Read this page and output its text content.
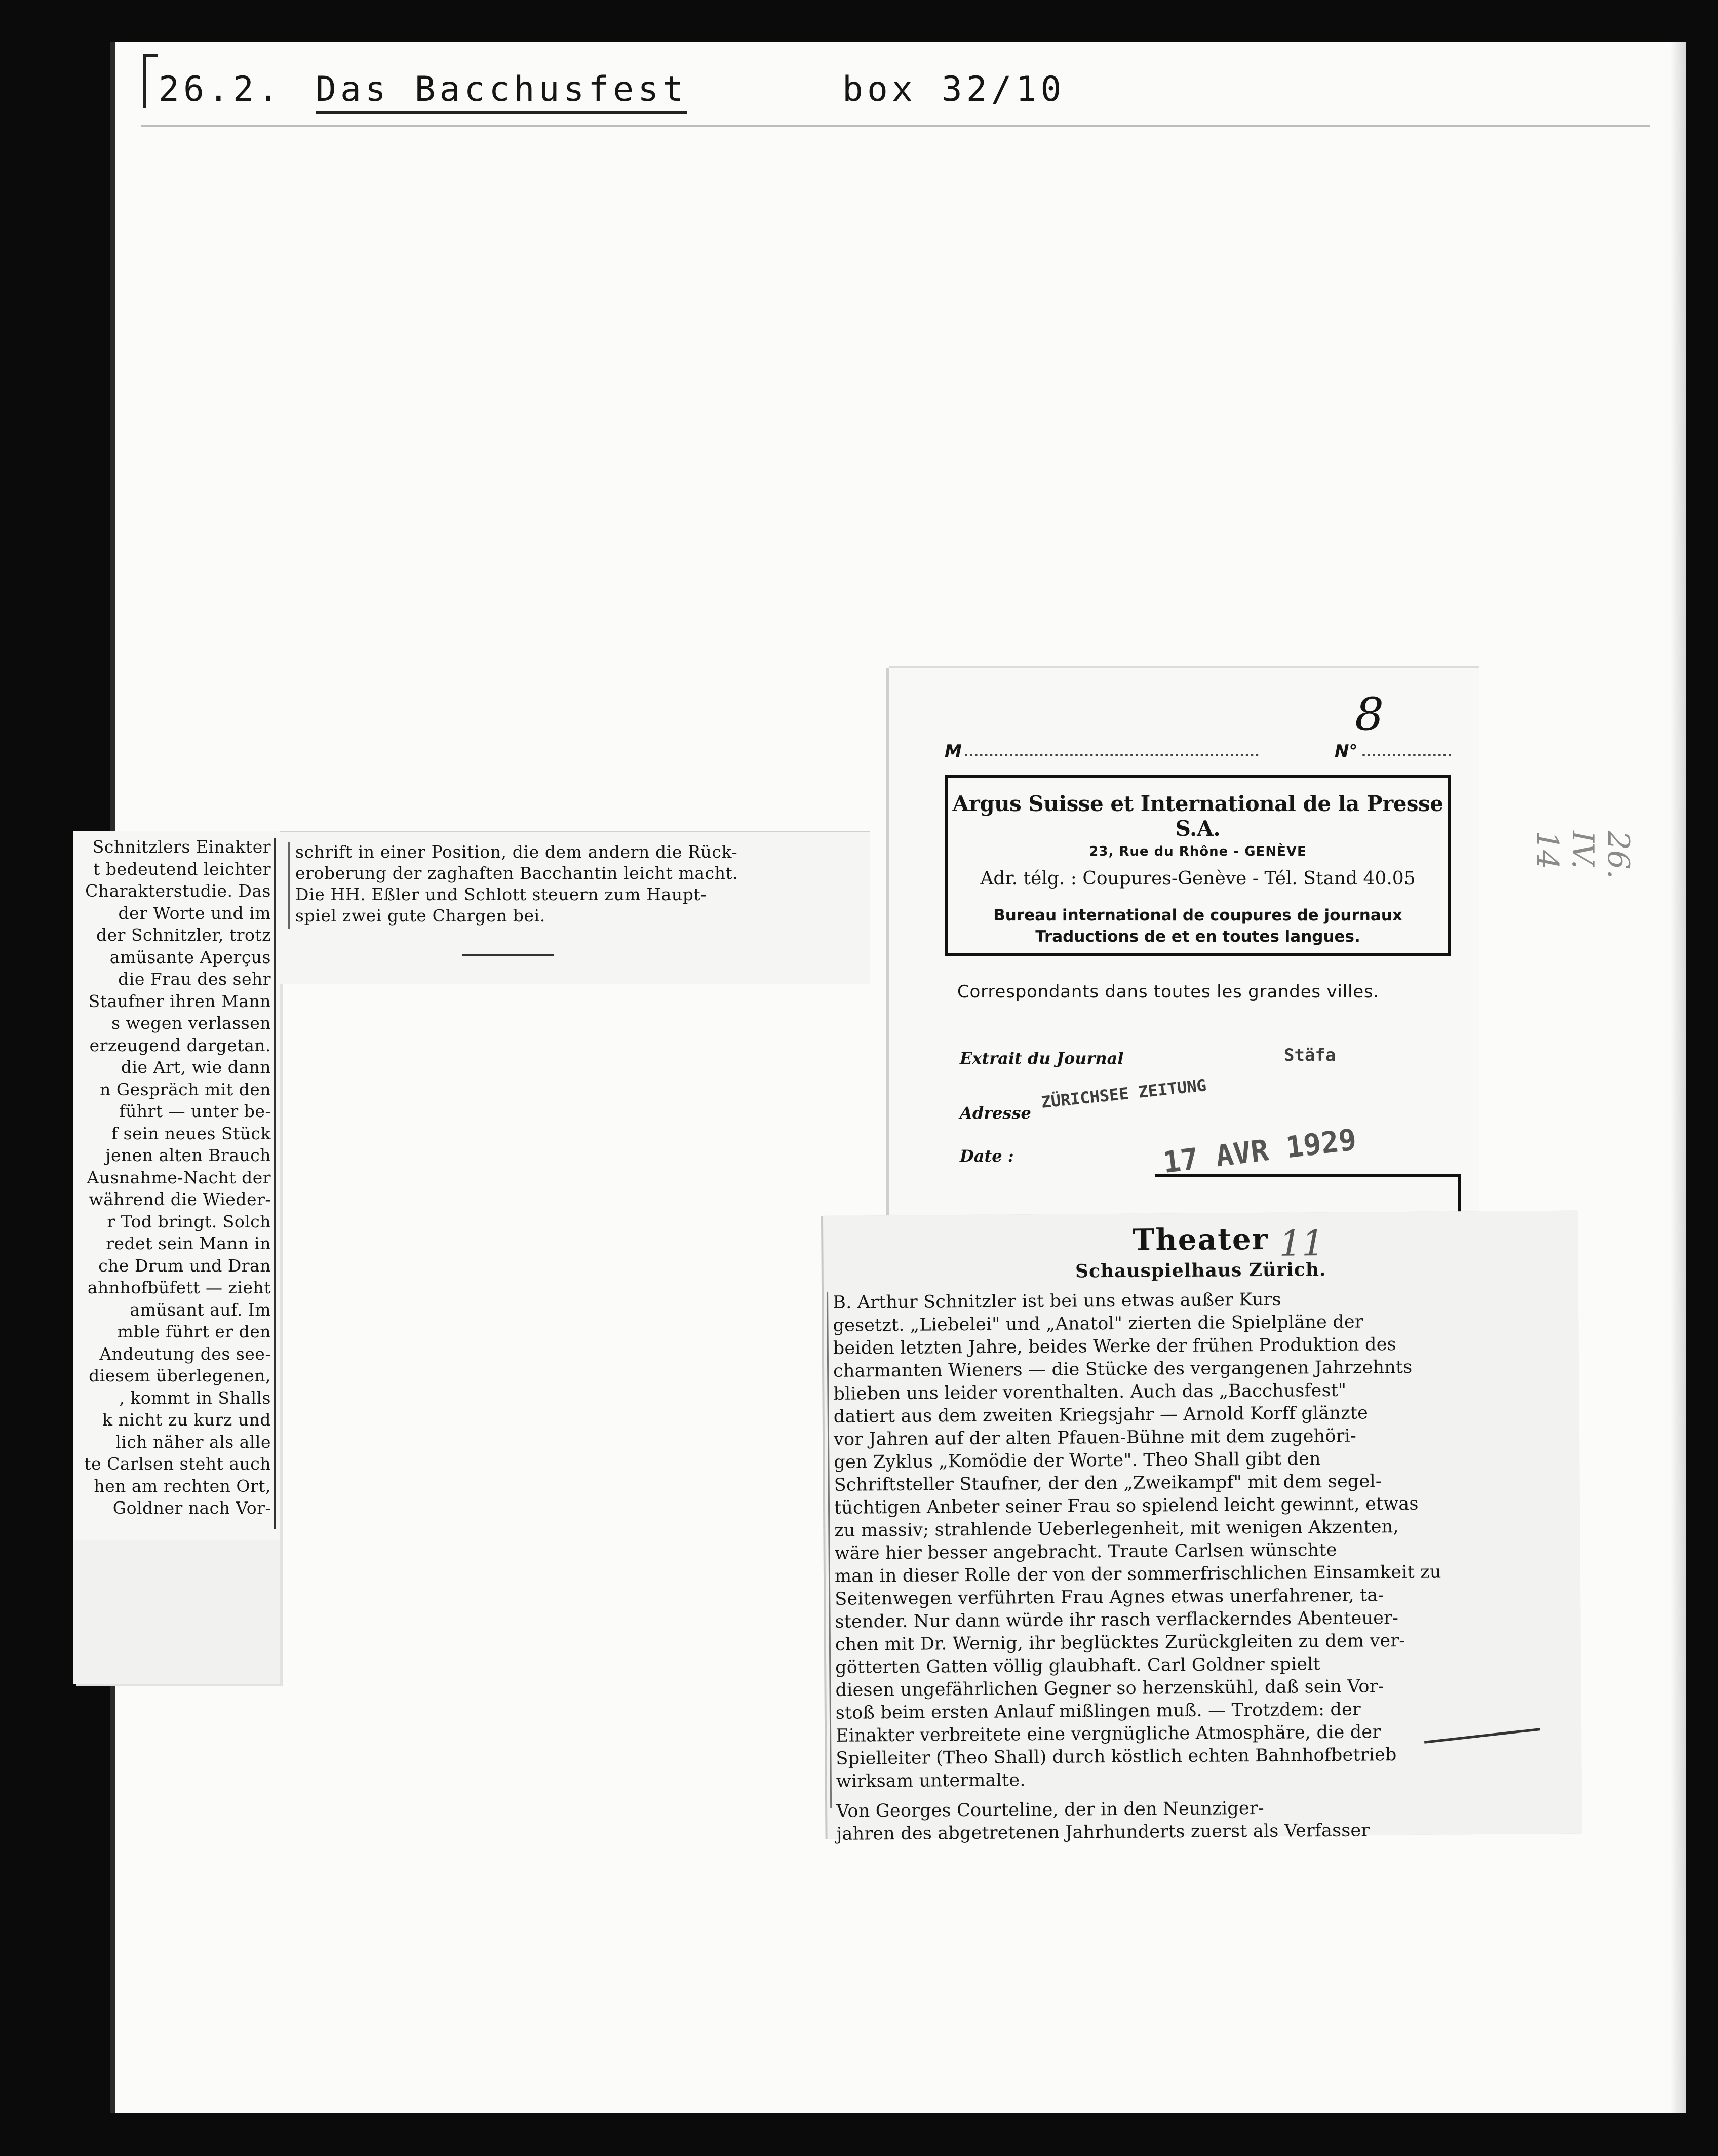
26.2. Das Bacchusfest	box 32/10
Schnitzlers Einakter
t bedeutend leichter
Charakterstudie. Das
der Worte und im
der Schnitzler, trotz
amüsante Aperçus
die Frau des sehr
Staufner ihren Mann
s wegen verlassen
erzeugend dargetan.
die Art, wie dann
n Gespräch mit den
führt — unter be-
f sein neues Stück
jenen alten Brauch
Ausnahme-Nacht der
während die Wieder-
r Tod bringt. Solch
redet sein Mann in
che Drum und Dran
ahnhofbüfett — zieht
amüsant auf. Im
mble führt er den
Andeutung des see-
diesem überlegenen,
, kommt in Shalls
k nicht zu kurz und
lich näher als alle
te Carlsen steht auch
hen am rechten Ort,
Goldner nach Vor-
schrift in einer Position, die dem andern die Rück-
eroberung der zaghaften Bacchantin leicht macht.
Die HH. Eßler und Schlott steuern zum Haupt-
spiel zwei gute Chargen bei.
M	N°
8
Argus Suisse et International de la Presse S.A.
23, Rue du Rhône - GENÈVE
Adr. télg. : Coupures-Genève - Tél. Stand 40.05
Bureau international de coupures de journaux
Traductions de et en toutes langues.
Correspondants dans toutes les grandes villes.
Extrait du Journal	Stäfa
Adresse
ZÜRICHSEE ZEITUNG
Date :	17 AVR 1929
Theater
Schauspielhaus Zürich.
11
B. Arthur Schnitzler ist bei uns etwas außer Kurs
gesetzt. „Liebelei" und „Anatol" zierten die Spielpläne der
beiden letzten Jahre, beides Werke der frühen Produktion des
charmanten Wieners — die Stücke des vergangenen Jahrzehnts
blieben uns leider vorenthalten. Auch das „Bacchusfest"
datiert aus dem zweiten Kriegsjahr — Arnold Korff glänzte
vor Jahren auf der alten Pfauen-Bühne mit dem zugehöri-
gen Zyklus „Komödie der Worte". Theo Shall gibt den
Schriftsteller Staufner, der den „Zweikampf" mit dem segel-
tüchtigen Anbeter seiner Frau so spielend leicht gewinnt, etwas
zu massiv; strahlende Ueberlegenheit, mit wenigen Akzenten,
wäre hier besser angebracht. Traute Carlsen wünschte
man in dieser Rolle der von der sommerfrischlichen Einsamkeit zu
Seitenwegen verführten Frau Agnes etwas unerfahrener, ta-
stender. Nur dann würde ihr rasch verflackerndes Abenteuer-
chen mit Dr. Wernig, ihr beglücktes Zurückgleiten zu dem ver-
götterten Gatten völlig glaubhaft. Carl Goldner spielt
diesen ungefährlichen Gegner so herzenskühl, daß sein Vor-
stoß beim ersten Anlauf mißlingen muß. — Trotzdem: der
Einakter verbreitete eine vergnügliche Atmosphäre, die der
Spielleiter (Theo Shall) durch köstlich echten Bahnhofbetrieb
wirksam untermalte.
Von Georges Courteline, der in den Neunziger-
jahren des abgetretenen Jahrhunderts zuerst als Verfasser
26. IV. 14
